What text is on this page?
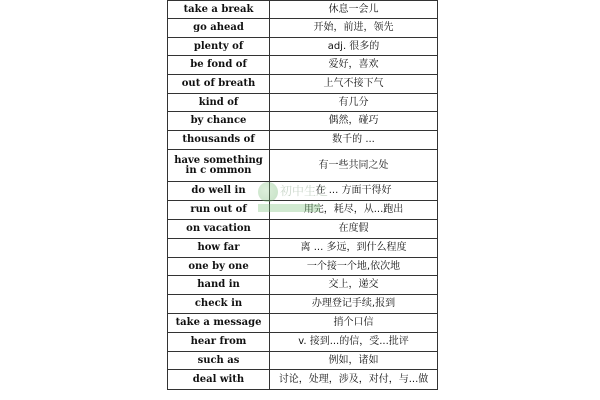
take a break	休息一会儿
go ahead	开始，前进，领先
plenty of	adj. 很多的
be fond of	爱好，喜欢
out of breath	上气不接下气
kind of	有几分
by chance	偶然，碰巧
thousands of	数千的 ...
have something in c ommon	有一些共同之处
do well in	在 ... 方面干得好
run out of	用完，耗尽，从...跑出
on vacation	在度假
how far	离 ... 多远，到什么程度
one by one	一个接一个地,依次地
hand in	交上，递交
check in	办理登记手续,报到
take a message	捎个口信
hear from	v. 接到...的信，受...批评
such as	例如，诸如
deal with	讨论，处理，涉及，对付，与...做
初中生之
